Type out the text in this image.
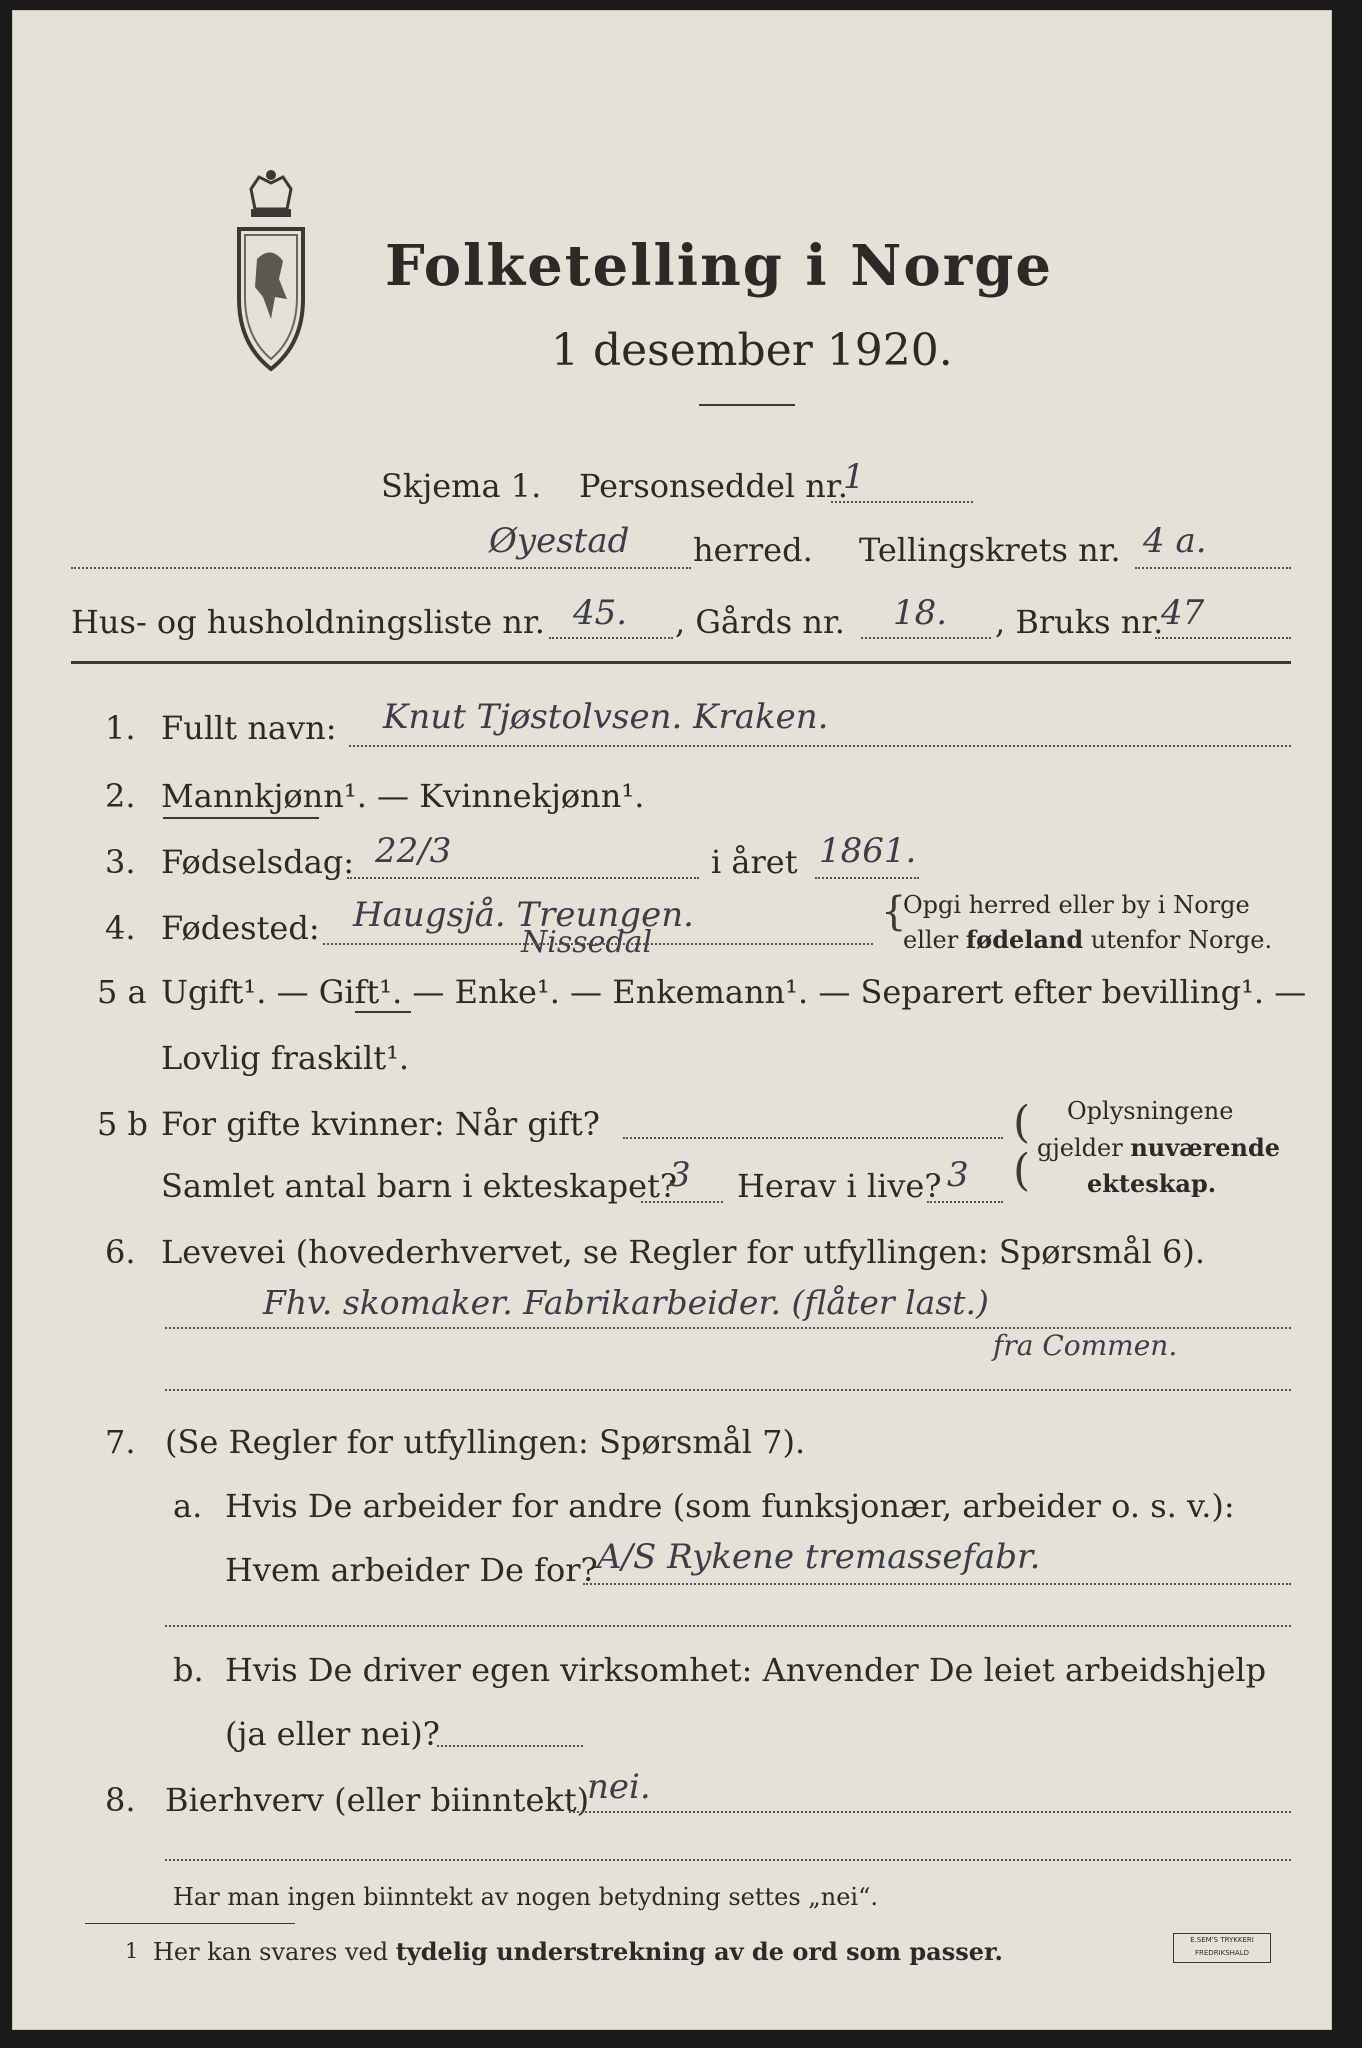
Folketelling i Norge
1 desember 1920.
Skjema 1. Personseddel nr.
1
Øyestad herred. Tellingskrets nr. 4 a.
Hus- og husholdningsliste nr. 45. , Gårds nr. 18. , Bruks nr.
47
1. Fullt navn: Knut Tjøstolvsen. Kraken.
2. Mannkjønn¹. — Kvinnekjønn¹.
3. Fødselsdag: 22/3	i året 1861.
4. Fødested: Haugsjå. Treungen.
Nissedal
{
Opgi herred eller by i Norge
eller fødeland utenfor Norge.
5 a Ugift¹. — Gift¹. — Enke¹. — Enkemann¹. — Separert efter bevilling¹. —
Lovlig fraskilt¹.
5 b For gifte kvinner: Når gift?
Samlet antal barn i ekteskapet?
3 Herav i live? 3
(
(
Oplysningene
gjelder nuværende
ekteskap.
6. Levevei (hovederhvervet, se Regler for utfyllingen: Spørsmål 6).
Fhv. skomaker. Fabrikarbeider. (flåter last.)
fra Commen.
7. (Se Regler for utfyllingen: Spørsmål 7).
a. Hvis De arbeider for andre (som funksjonær, arbeider o. s. v.):
Hvem arbeider De for? A/S Rykene tremassefabr.
b. Hvis De driver egen virksomhet: Anvender De leiet arbeidshjelp
(ja eller nei)?
8. Bierhverv (eller biinntekt)
nei.
Har man ingen biinntekt av nogen betydning settes „nei“.
1 Her kan svares ved tydelig understrekning av de ord som passer.	E.SEM'S TRYKKERI FREDRIKSHALD
